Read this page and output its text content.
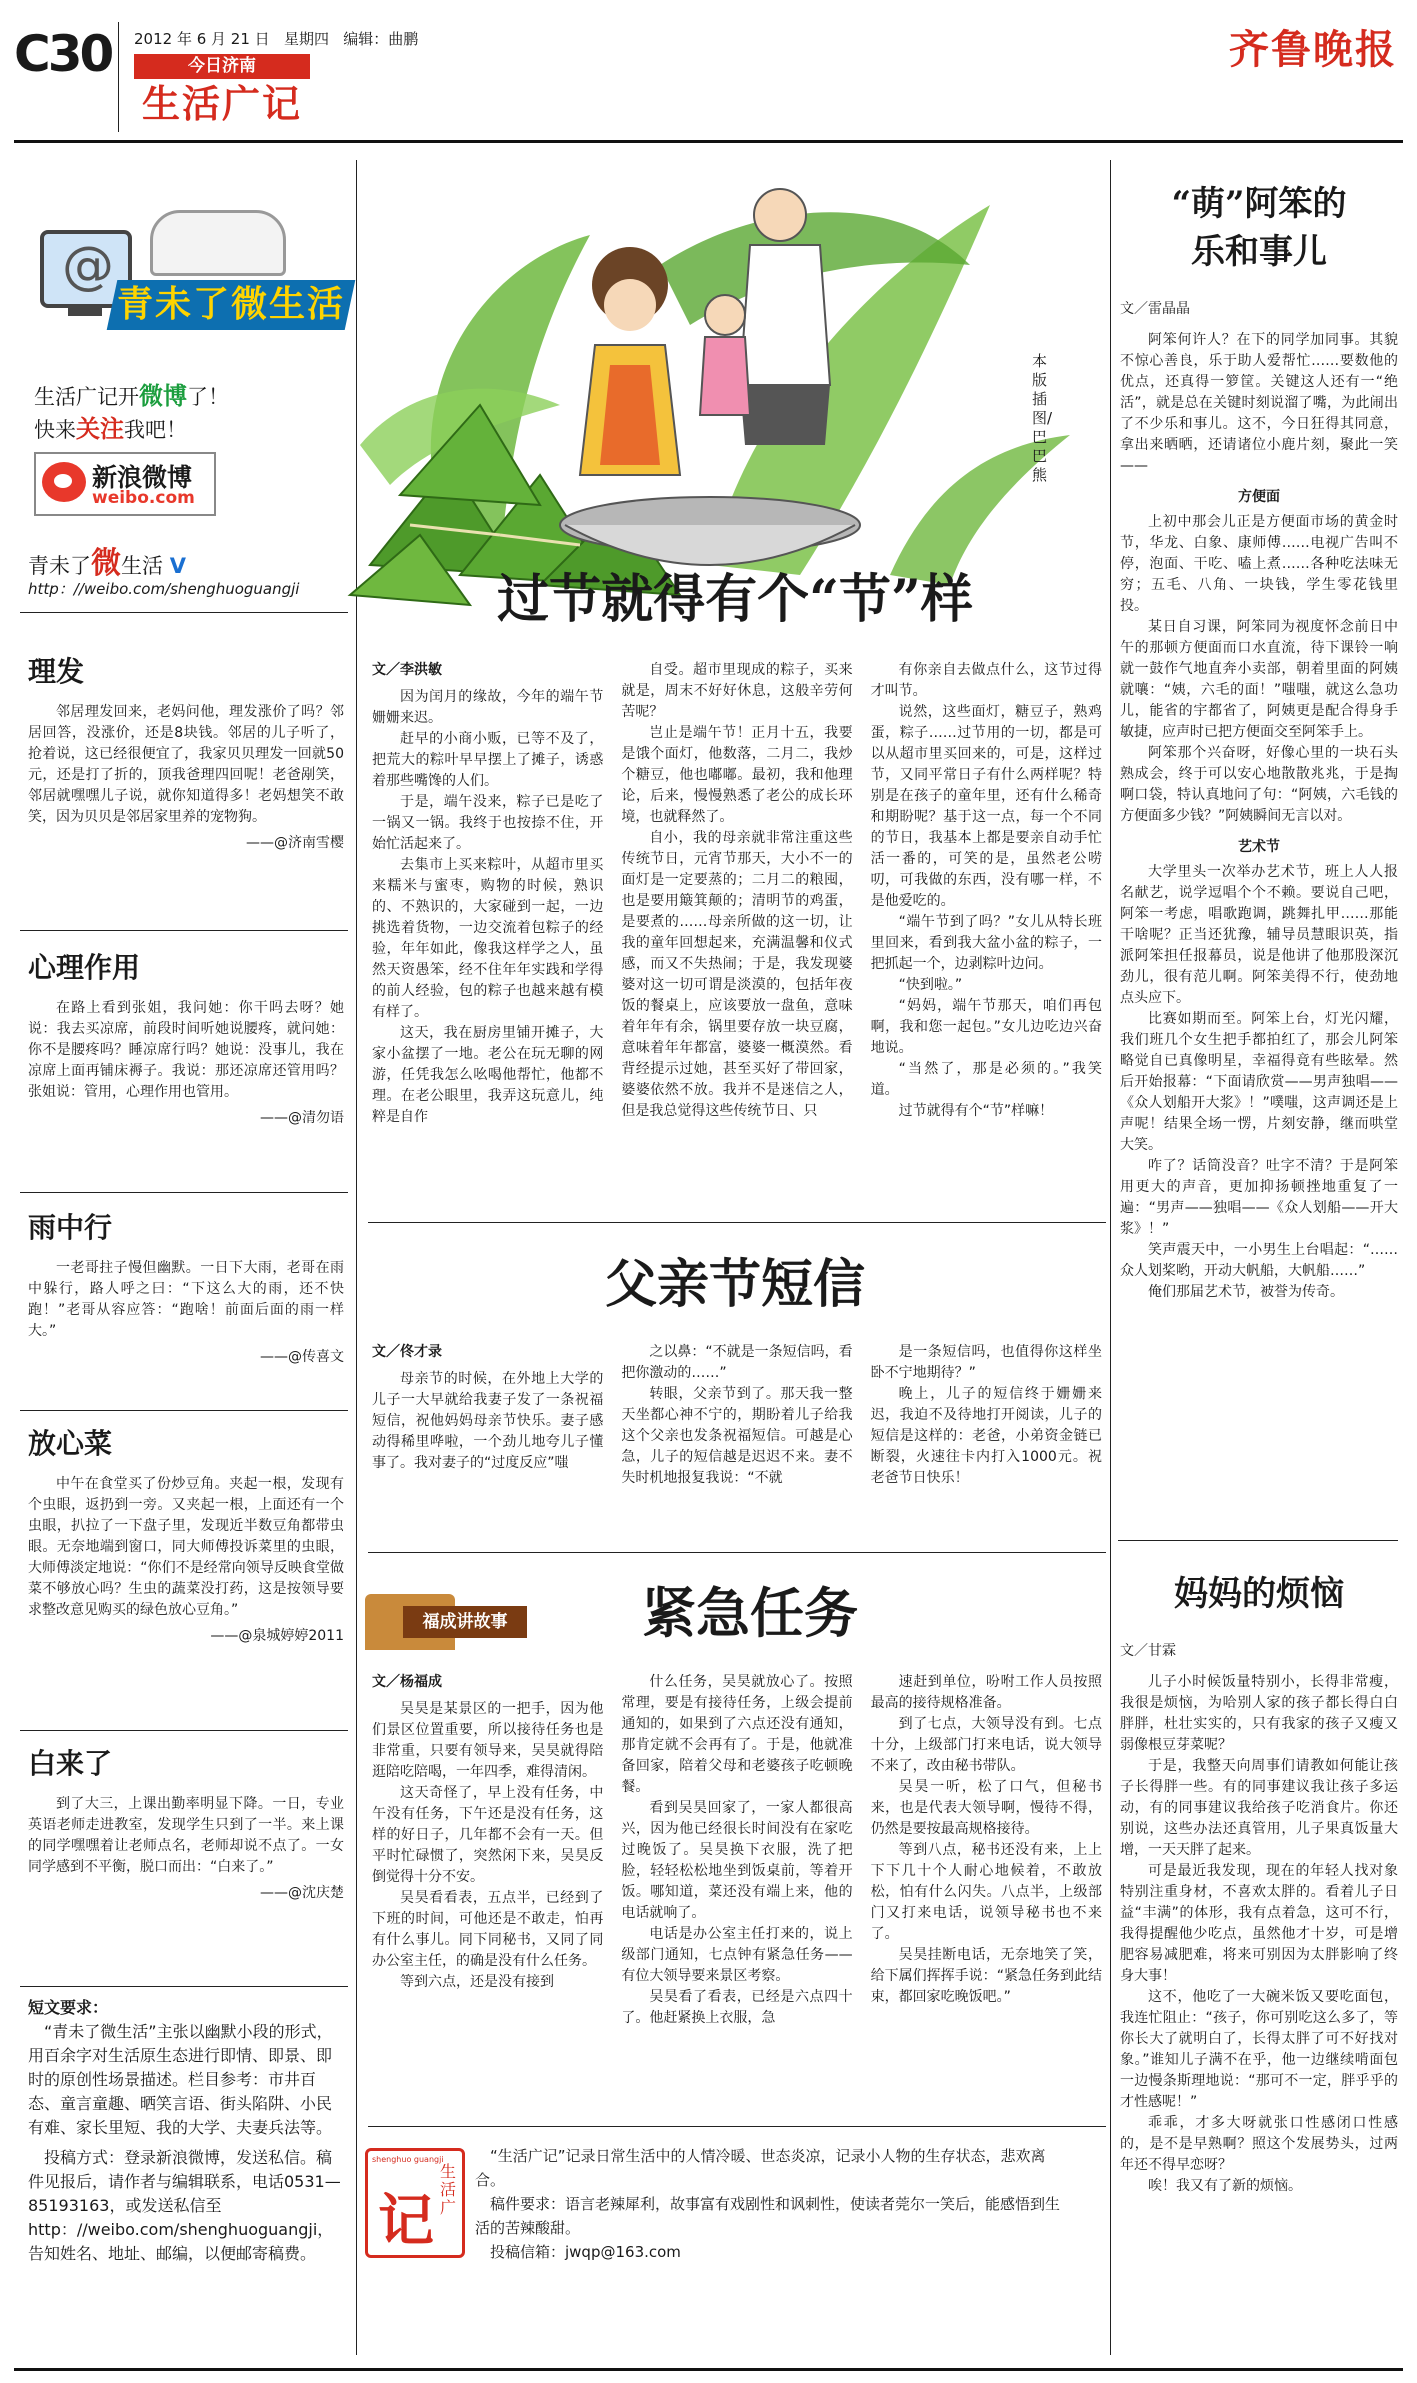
C30 2012 年 6 月 21 日 星期四 编辑：曲鹏
今日济南
生活广记
齐鲁晚报
@
青未了微生活
生活广记开微博了！
快来关注我吧！
新浪微博
weibo.com
青未了微生活 V
http：//weibo.com/shenghuoguangji
理发

邻居理发回来，老妈问他，理发涨价了吗？邻居回答，没涨价，还是8块钱。邻居的儿子听了，抢着说，这已经很便宜了，我家贝贝理发一回就50元，还是打了折的，顶我爸理四回呢！老爸剐笑，邻居就嘿嘿儿子说，就你知道得多！老妈想笑不敢笑，因为贝贝是邻居家里养的宠物狗。

——@济南雪樱
心理作用

在路上看到张姐，我问她：你干吗去呀？她说：我去买凉席，前段时间听她说腰疼，就问她：你不是腰疼吗？睡凉席行吗？她说：没事儿，我在凉席上面再铺床褥子。我说：那还凉席还管用吗？张姐说：管用，心理作用也管用。

——@清勿语
雨中行

一老哥拄子慢但幽默。一日下大雨，老哥在雨中躲行，路人呼之曰：“下这么大的雨，还不快跑！”老哥从容应答：“跑啥！前面后面的雨一样大。”

——@传喜文
放心菜

中午在食堂买了份炒豆角。夹起一根，发现有个虫眼，返扔到一旁。又夹起一根，上面还有一个虫眼，扒拉了一下盘子里，发现近半数豆角都带虫眼。无奈地端到窗口，同大师傅投诉菜里的虫眼，大师傅淡定地说：“你们不是经常向领导反映食堂做菜不够放心吗？生虫的蔬菜没打药，这是按领导要求整改意见购买的绿色放心豆角。”

——@泉城婷婷2011
白来了

到了大三，上课出勤率明显下降。一日，专业英语老师走进教室，发现学生只到了一半。来上课的同学嘿嘿着让老师点名，老师却说不点了。一女同学感到不平衡，脱口而出：“白来了。”

——@沈庆楚
短文要求：

“青未了微生活”主张以幽默小段的形式，用百余字对生活原生态进行即情、即景、即时的原创性场景描述。栏目参考：市井百态、童言童趣、晒笑言语、街头陷阱、小民有难、家长里短、我的大学、夫妻兵法等。

投稿方式：登录新浪微博，发送私信。稿件见报后，请作者与编辑联系，电话0531—85193163，或发送私信至 http：//weibo.com/shenghuoguangji，告知姓名、地址、邮编，以便邮寄稿费。

本版插图/巴巴熊
过节就得有个“节”样
文／李洪敏

因为闰月的缘故，今年的端午节姗姗来迟。

赶早的小商小贩，已等不及了，把荒大的粽叶早早摆上了摊子，诱惑着那些嘴馋的人们。

于是，端午没来，粽子已是吃了一锅又一锅。我终于也按捺不住，开始忙活起来了。

去集市上买来粽叶，从超市里买来糯米与蜜枣，购物的时候，熟识的、不熟识的，大家碰到一起，一边挑选着货物，一边交流着包粽子的经验，年年如此，像我这样学之人，虽然天资愚笨，经不住年年实践和学得的前人经验，包的粽子也越来越有模有样了。

这天，我在厨房里铺开摊子，大家小盆摆了一地。老公在玩无聊的网游，任凭我怎么吆喝他帮忙，他都不理。在老公眼里，我弄这玩意儿，纯粹是自作

自受。超市里现成的粽子，买来就是，周末不好好休息，这般辛劳何苦呢？

岂止是端午节！正月十五，我要是饿个面灯，他数落，二月二，我炒个糖豆，他也嘟嘟。最初，我和他理论，后来，慢慢熟悉了老公的成长环境，也就释然了。

自小，我的母亲就非常注重这些传统节日，元宵节那天，大小不一的面灯是一定要蒸的；二月二的粮囤，也是要用簸箕颠的；清明节的鸡蛋，是要煮的……母亲所做的这一切，让我的童年回想起来，充满温馨和仪式感，而又不失热闹；于是，我发现婆婆对这一切可谓是淡漠的，包括年夜饭的餐桌上，应该要放一盘鱼，意味着年年有余，锅里要存放一块豆腐，意味着年年都富，婆婆一概漠然。看背经提示过她，甚至买好了带回家，婆婆依然不放。我并不是迷信之人，但是我总觉得这些传统节日、只

有你亲自去做点什么，这节过得才叫节。

说然，这些面灯，糖豆子，熟鸡蛋，粽子……过节用的一切，都是可以从超市里买回来的，可是，这样过节，又同平常日子有什么两样呢？特别是在孩子的童年里，还有什么稀奇和期盼呢？基于这一点，每一个不同的节日，我基本上都是要亲自动手忙活一番的，可笑的是，虽然老公唠叨，可我做的东西，没有哪一样，不是他爱吃的。

“端午节到了吗？”女儿从特长班里回来，看到我大盆小盆的粽子，一把抓起一个，边剥粽叶边问。

“快到啦。”

“妈妈，端午节那天，咱们再包啊，我和您一起包。”女儿边吃边兴奋地说。

“当然了，那是必须的。”我笑道。

过节就得有个“节”样嘛！

父亲节短信
文／佟才录

母亲节的时候，在外地上大学的儿子一大早就给我妻子发了一条祝福短信，祝他妈妈母亲节快乐。妻子感动得稀里哗啦，一个劲儿地夸儿子懂事了。我对妻子的“过度反应”嗤

之以鼻：“不就是一条短信吗，看把你激动的……”

转眼，父亲节到了。那天我一整天坐都心神不宁的，期盼着儿子给我这个父亲也发条祝福短信。可越是心急，儿子的短信越是迟迟不来。妻不失时机地报复我说：“不就

是一条短信吗，也值得你这样坐卧不宁地期待？”

晚上，儿子的短信终于姗姗来迟，我迫不及待地打开阅读，儿子的短信是这样的：老爸，小弟资金链已断裂，火速往卡内打入1000元。祝老爸节日快乐！

福成讲故事	紧急任务
文／杨福成

吴昊是某景区的一把手，因为他们景区位置重要，所以接待任务也是非常重，只要有领导来，吴昊就得陪逛陪吃陪喝，一年四季，难得清闲。

这天奇怪了，早上没有任务，中午没有任务，下午还是没有任务，这样的好日子，几年都不会有一天。但平时忙碌惯了，突然闲下来，吴昊反倒觉得十分不安。

吴昊看看表，五点半，已经到了下班的时间，可他还是不敢走，怕再有什么事儿。同下同秘书，又同了同办公室主任，的确是没有什么任务。

等到六点，还是没有接到

什么任务，吴昊就放心了。按照常理，要是有接待任务，上级会提前通知的，如果到了六点还没有通知，那肯定就不会再有了。于是，他就准备回家，陪着父母和老婆孩子吃顿晚餐。

看到吴昊回家了，一家人都很高兴，因为他已经很长时间没有在家吃过晚饭了。吴昊换下衣服，洗了把脸，轻轻松松地坐到饭桌前，等着开饭。哪知道，菜还没有端上来，他的电话就响了。

电话是办公室主任打来的，说上级部门通知，七点钟有紧急任务——有位大领导要来景区考察。

吴昊看了看表，已经是六点四十了。他赶紧换上衣服，急

速赶到单位，吩咐工作人员按照最高的接待规格准备。

到了七点，大领导没有到。七点十分，上级部门打来电话，说大领导不来了，改由秘书带队。

吴昊一听，松了口气，但秘书来，也是代表大领导啊，慢待不得，仍然是要按最高规格接待。

等到八点，秘书还没有来，上上下下几十个人耐心地候着，不敢放松，怕有什么闪失。八点半，上级部门又打来电话，说领导秘书也不来了。

吴昊挂断电话，无奈地笑了笑，给下属们挥挥手说：“紧急任务到此结束，都回家吃晚饭吧。”

shenghuo guangji
生活广
记

“生活广记”记录日常生活中的人情冷暖、世态炎凉，记录小人物的生存状态，悲欢离合。

稿件要求：语言老辣犀利，故事富有戏剧性和讽刺性，使读者莞尔一笑后，能感悟到生活的苦辣酸甜。

投稿信箱：jwqp@163.com

“萌”阿笨的
乐和事儿
文／雷晶晶

阿笨何许人？在下的同学加同事。其貌不惊心善良，乐于助人爱帮忙……要数他的优点，还真得一箩筐。关键这人还有一“绝活”，就是总在关键时刻说溜了嘴，为此闹出了不少乐和事儿。这不，今日狂得其同意，拿出来晒晒，还请诸位小鹿片刻，聚此一笑——

方便面

上初中那会儿正是方便面市场的黄金时节，华龙、白象、康师傅……电视广告叫不停，泡面、干吃、嗑上煮……各种吃法味无穷；五毛、八角、一块钱，学生零花钱里投。

某日自习课，阿笨同为视度怀念前日中午的那顿方便面而口水直流，待下课铃一响就一鼓作气地直奔小卖部，朝着里面的阿姨就嚷：“姨，六毛的面！”嗤嗤，就这么急功儿，能省的宇都省了，阿姨更是配合得身手敏捷，应声时已把方便面交至阿笨手上。

阿笨那个兴奋呀，好像心里的一块石头熟成会，终于可以安心地散散兆兆，于是掏啊口袋，特认真地问了句：“阿姨，六毛钱的方便面多少钱？”阿姨瞬间无言以对。

艺术节

大学里头一次举办艺术节，班上人人报名献艺，说学逗唱个个不赖。要说自己吧，阿笨一考虑，唱歌跑调，跳舞扎甲……那能干啥呢？正当还犹豫，辅导员慧眼识英，指派阿笨担任报幕员，说是他讲了他那股深沉劲儿，很有范儿啊。阿笨美得不行，使劲地点头应下。

比赛如期而至。阿笨上台，灯光闪耀，我们班几个女生把手都拍红了，那会儿阿笨略觉自已真像明星，幸福得竟有些眩晕。然后开始报幕：“下面请欣赏——男声独唱——《众人划船开大浆》！”噗嗤，这声调还是上声呢！结果全场一愣，片刻安静，继而哄堂大笑。

咋了？话筒没音？吐字不清？于是阿笨用更大的声音，更加抑扬顿挫地重复了一遍：“男声——独唱——《众人划船——开大浆》！”

笑声震天中，一小男生上台唱起：“……众人划桨哟，开动大帆船，大帆船……”

俺们那届艺术节，被誉为传奇。

妈妈的烦恼
文／甘霖

儿子小时候饭量特别小，长得非常瘦，我很是烦恼，为哈别人家的孩子都长得白白胖胖，杜壮实实的，只有我家的孩子又瘦又弱像根豆芽菜呢？

于是，我整天向周事们请教如何能让孩子长得胖一些。有的同事建议我让孩子多运动，有的同事建议我给孩子吃消食片。你还别说，这些办法还真管用，儿子果真饭量大增，一天天胖了起来。

可是最近我发现，现在的年轻人找对象特别注重身材，不喜欢太胖的。看着儿子日益“丰满”的体形，我有点着急，这可不行，我得提醒他少吃点，虽然他才十岁，可是增肥容易减肥难，将来可别因为太胖影响了终身大事！

这不，他吃了一大碗米饭又要吃面包，我连忙阻止：“孩子，你可别吃这么多了，等你长大了就明白了，长得太胖了可不好找对象。”谁知儿子满不在乎，他一边继续啃面包一边慢条斯理地说：“那可不一定，胖乎乎的才性感呢！”

乖乖，才多大呀就张口性感闭口性感的，是不是早熟啊？照这个发展势头，过两年还不得早恋呀？

唉！我又有了新的烦恼。
